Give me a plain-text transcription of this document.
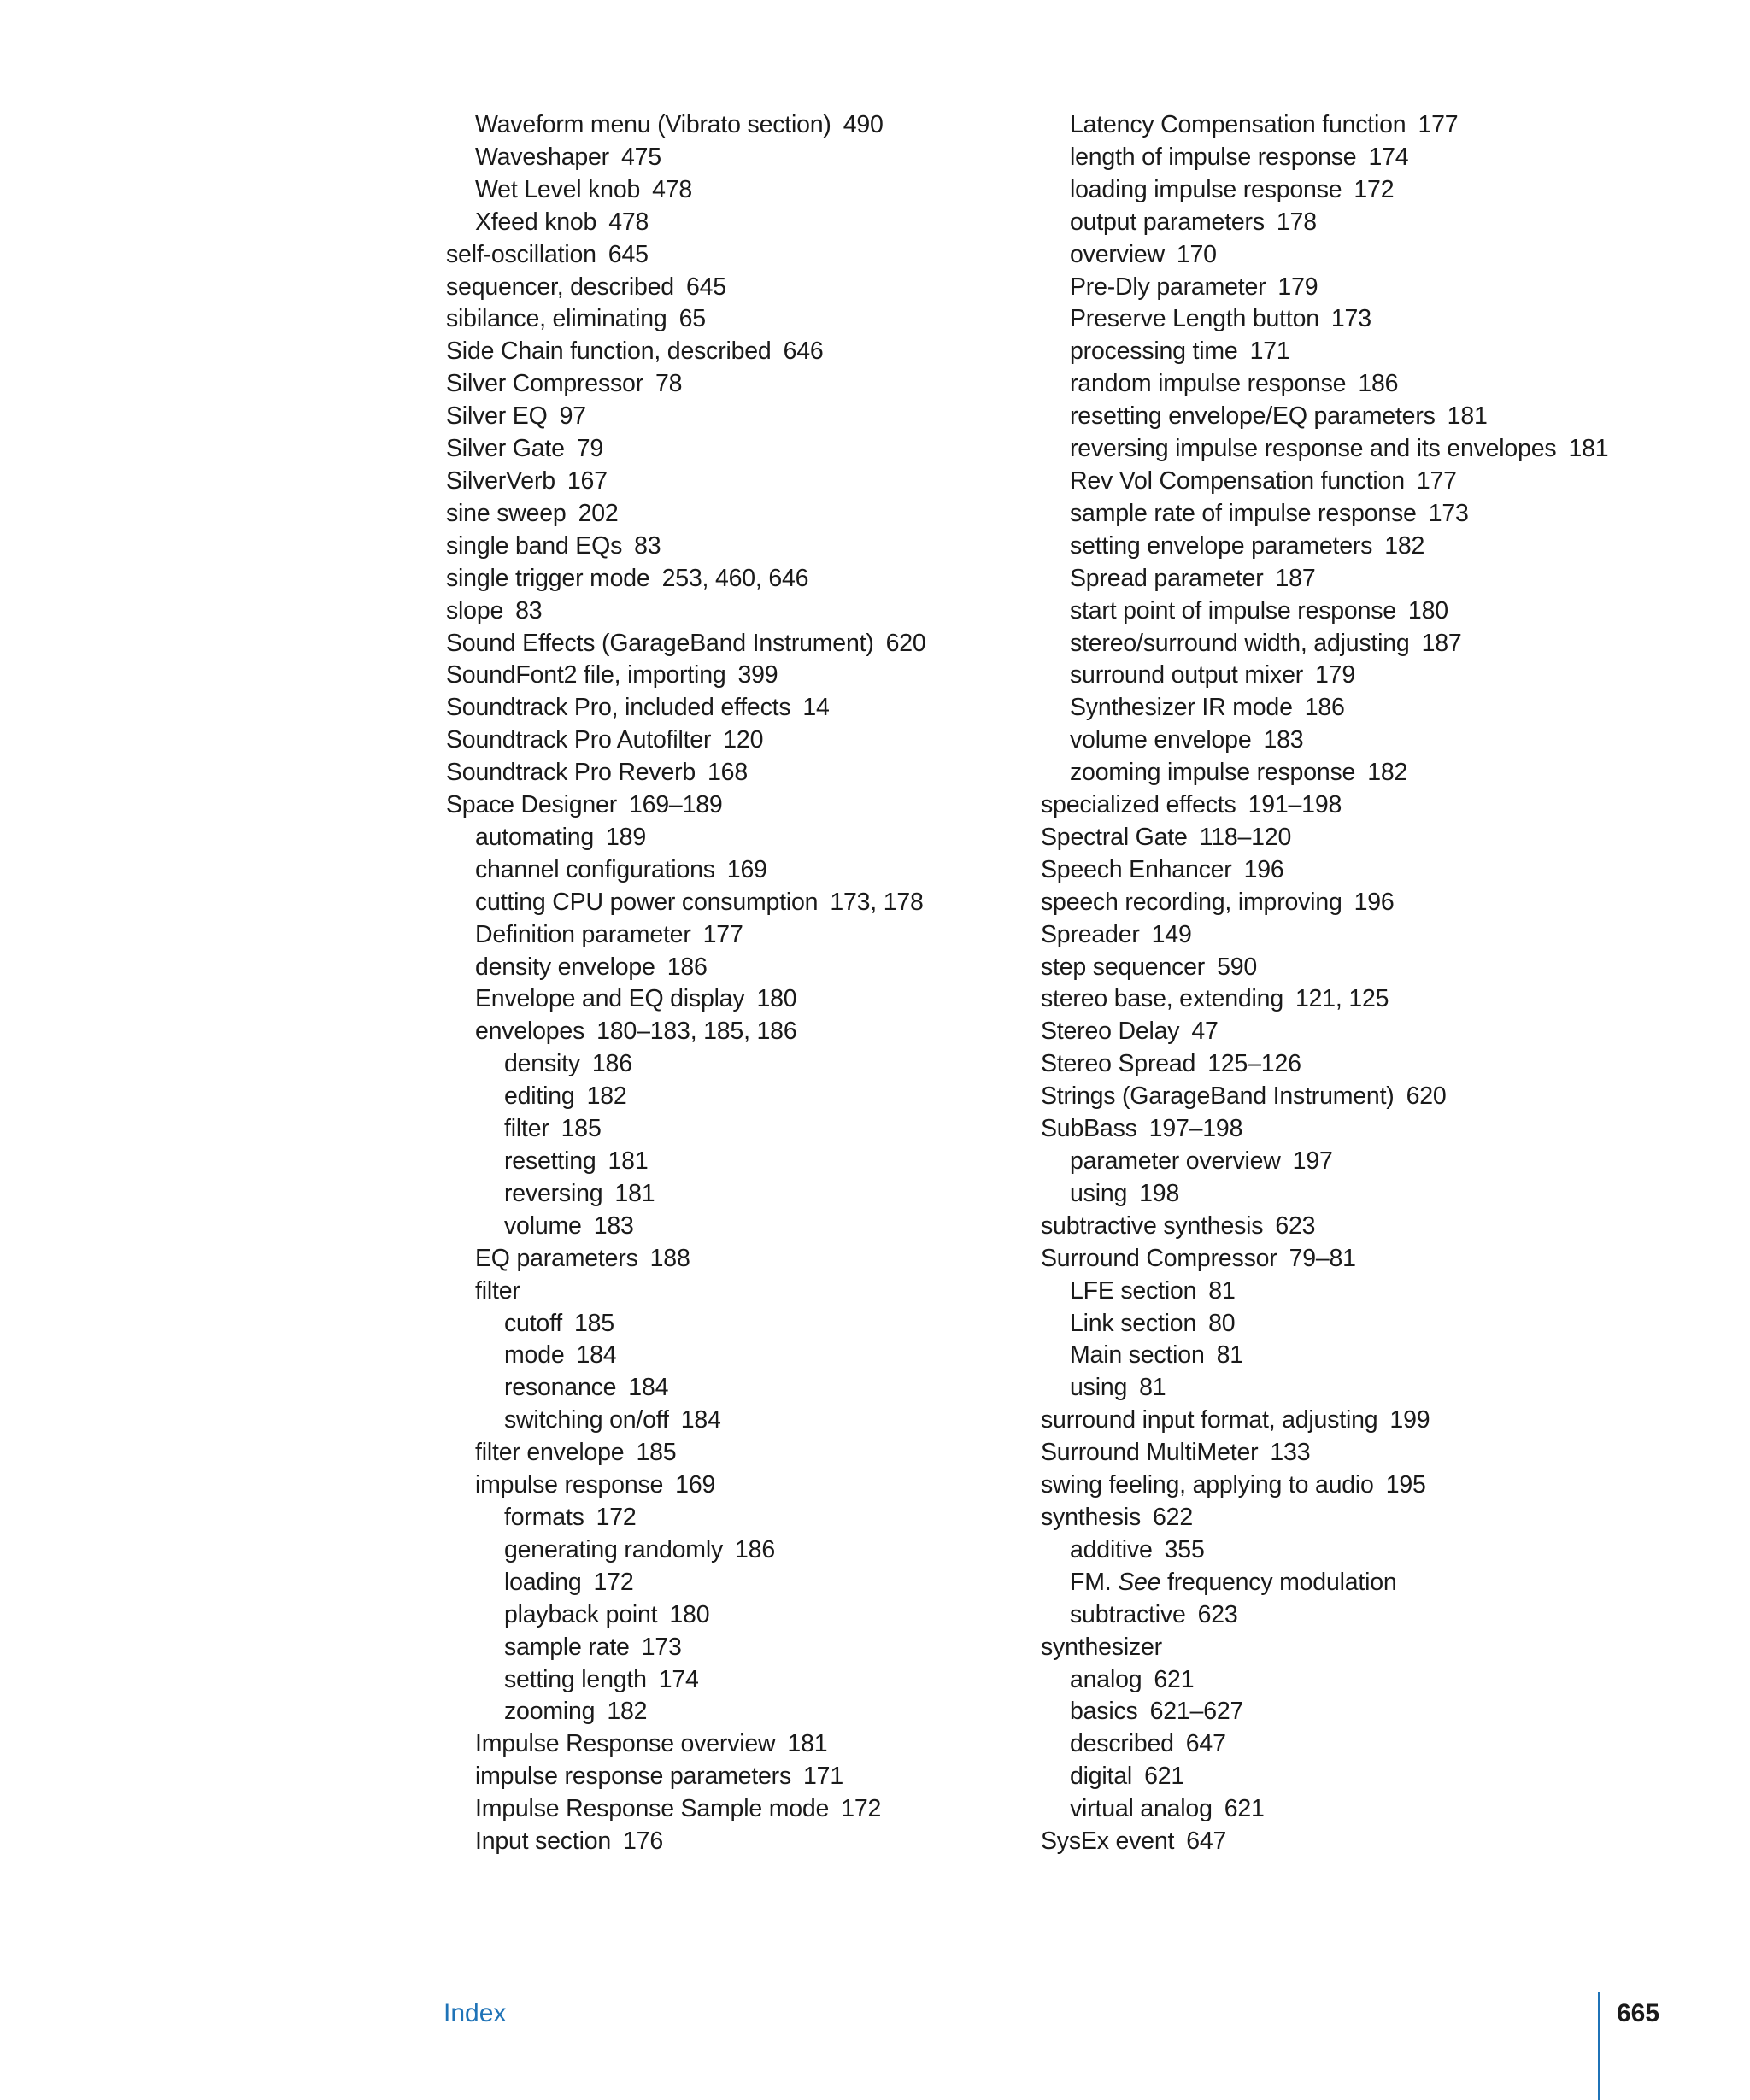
Waveform menu (Vibrato section) 490
Waveshaper 475
Wet Level knob 478
Xfeed knob 478
self-oscillation 645
sequencer, described 645
sibilance, eliminating 65
Side Chain function, described 646
Silver Compressor 78
Silver EQ 97
Silver Gate 79
SilverVerb 167
sine sweep 202
single band EQs 83
single trigger mode 253, 460, 646
slope 83
Sound Effects (GarageBand Instrument) 620
SoundFont2 file, importing 399
Soundtrack Pro, included effects 14
Soundtrack Pro Autofilter 120
Soundtrack Pro Reverb 168
Space Designer 169–189
automating 189
channel configurations 169
cutting CPU power consumption 173, 178
Definition parameter 177
density envelope 186
Envelope and EQ display 180
envelopes 180–183, 185, 186
density 186
editing 182
filter 185
resetting 181
reversing 181
volume 183
EQ parameters 188
filter
cutoff 185
mode 184
resonance 184
switching on/off 184
filter envelope 185
impulse response 169
formats 172
generating randomly 186
loading 172
playback point 180
sample rate 173
setting length 174
zooming 182
Impulse Response overview 181
impulse response parameters 171
Impulse Response Sample mode 172
Input section 176
Latency Compensation function 177
length of impulse response 174
loading impulse response 172
output parameters 178
overview 170
Pre-Dly parameter 179
Preserve Length button 173
processing time 171
random impulse response 186
resetting envelope/EQ parameters 181
reversing impulse response and its envelopes 181
Rev Vol Compensation function 177
sample rate of impulse response 173
setting envelope parameters 182
Spread parameter 187
start point of impulse response 180
stereo/surround width, adjusting 187
surround output mixer 179
Synthesizer IR mode 186
volume envelope 183
zooming impulse response 182
specialized effects 191–198
Spectral Gate 118–120
Speech Enhancer 196
speech recording, improving 196
Spreader 149
step sequencer 590
stereo base, extending 121, 125
Stereo Delay 47
Stereo Spread 125–126
Strings (GarageBand Instrument) 620
SubBass 197–198
parameter overview 197
using 198
subtractive synthesis 623
Surround Compressor 79–81
LFE section 81
Link section 80
Main section 81
using 81
surround input format, adjusting 199
Surround MultiMeter 133
swing feeling, applying to audio 195
synthesis 622
additive 355
FM. See frequency modulation
subtractive 623
synthesizer
analog 621
basics 621–627
described 647
digital 621
virtual analog 621
SysEx event 647
Index	665
